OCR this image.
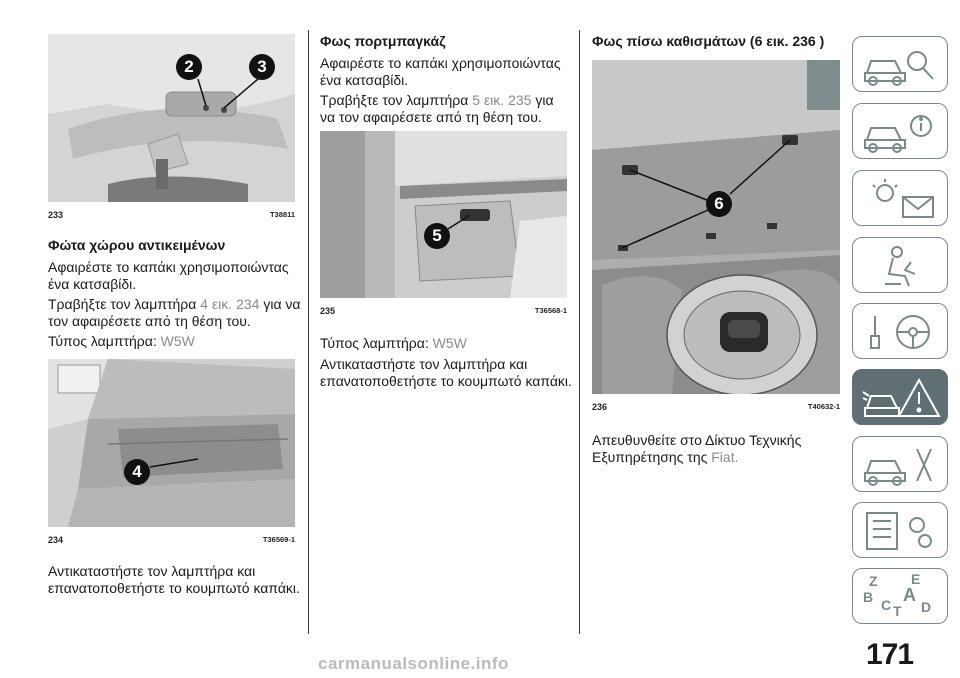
2	3
233	T38811
Φώτα χώρου αντικειμένων

Αφαιρέστε το καπάκι χρησιμοποιώντας ένα κατσαβίδι.

Τραβήξτε τον λαμπτήρα 4 εικ. 234 για να τον αφαιρέσετε από τη θέση του.

Τύπος λαμπτήρα: W5W

4
234	T36569-1

Αντικαταστήστε τον λαμπτήρα και επανατοποθετήστε το κουμπωτό καπάκι.

Φως πορτμπαγκάζ

Αφαιρέστε το καπάκι χρησιμοποιώντας ένα κατσαβίδι.

Τραβήξτε τον λαμπτήρα 5 εικ. 235 για να τον αφαιρέσετε από τη θέση του.

5
235	T36568-1

Τύπος λαμπτήρα: W5W

Αντικαταστήστε τον λαμπτήρα και επανατοποθετήστε το κουμπωτό καπάκι.

Φως πίσω καθισμάτων (6 εικ. 236 )
6
236	T40632-1

Απευθυνθείτε στο Δίκτυο Τεχνικής Εξυπηρέτησης της Fiat.

Z E
B A
C D
T
171
carmanualsonline.info
